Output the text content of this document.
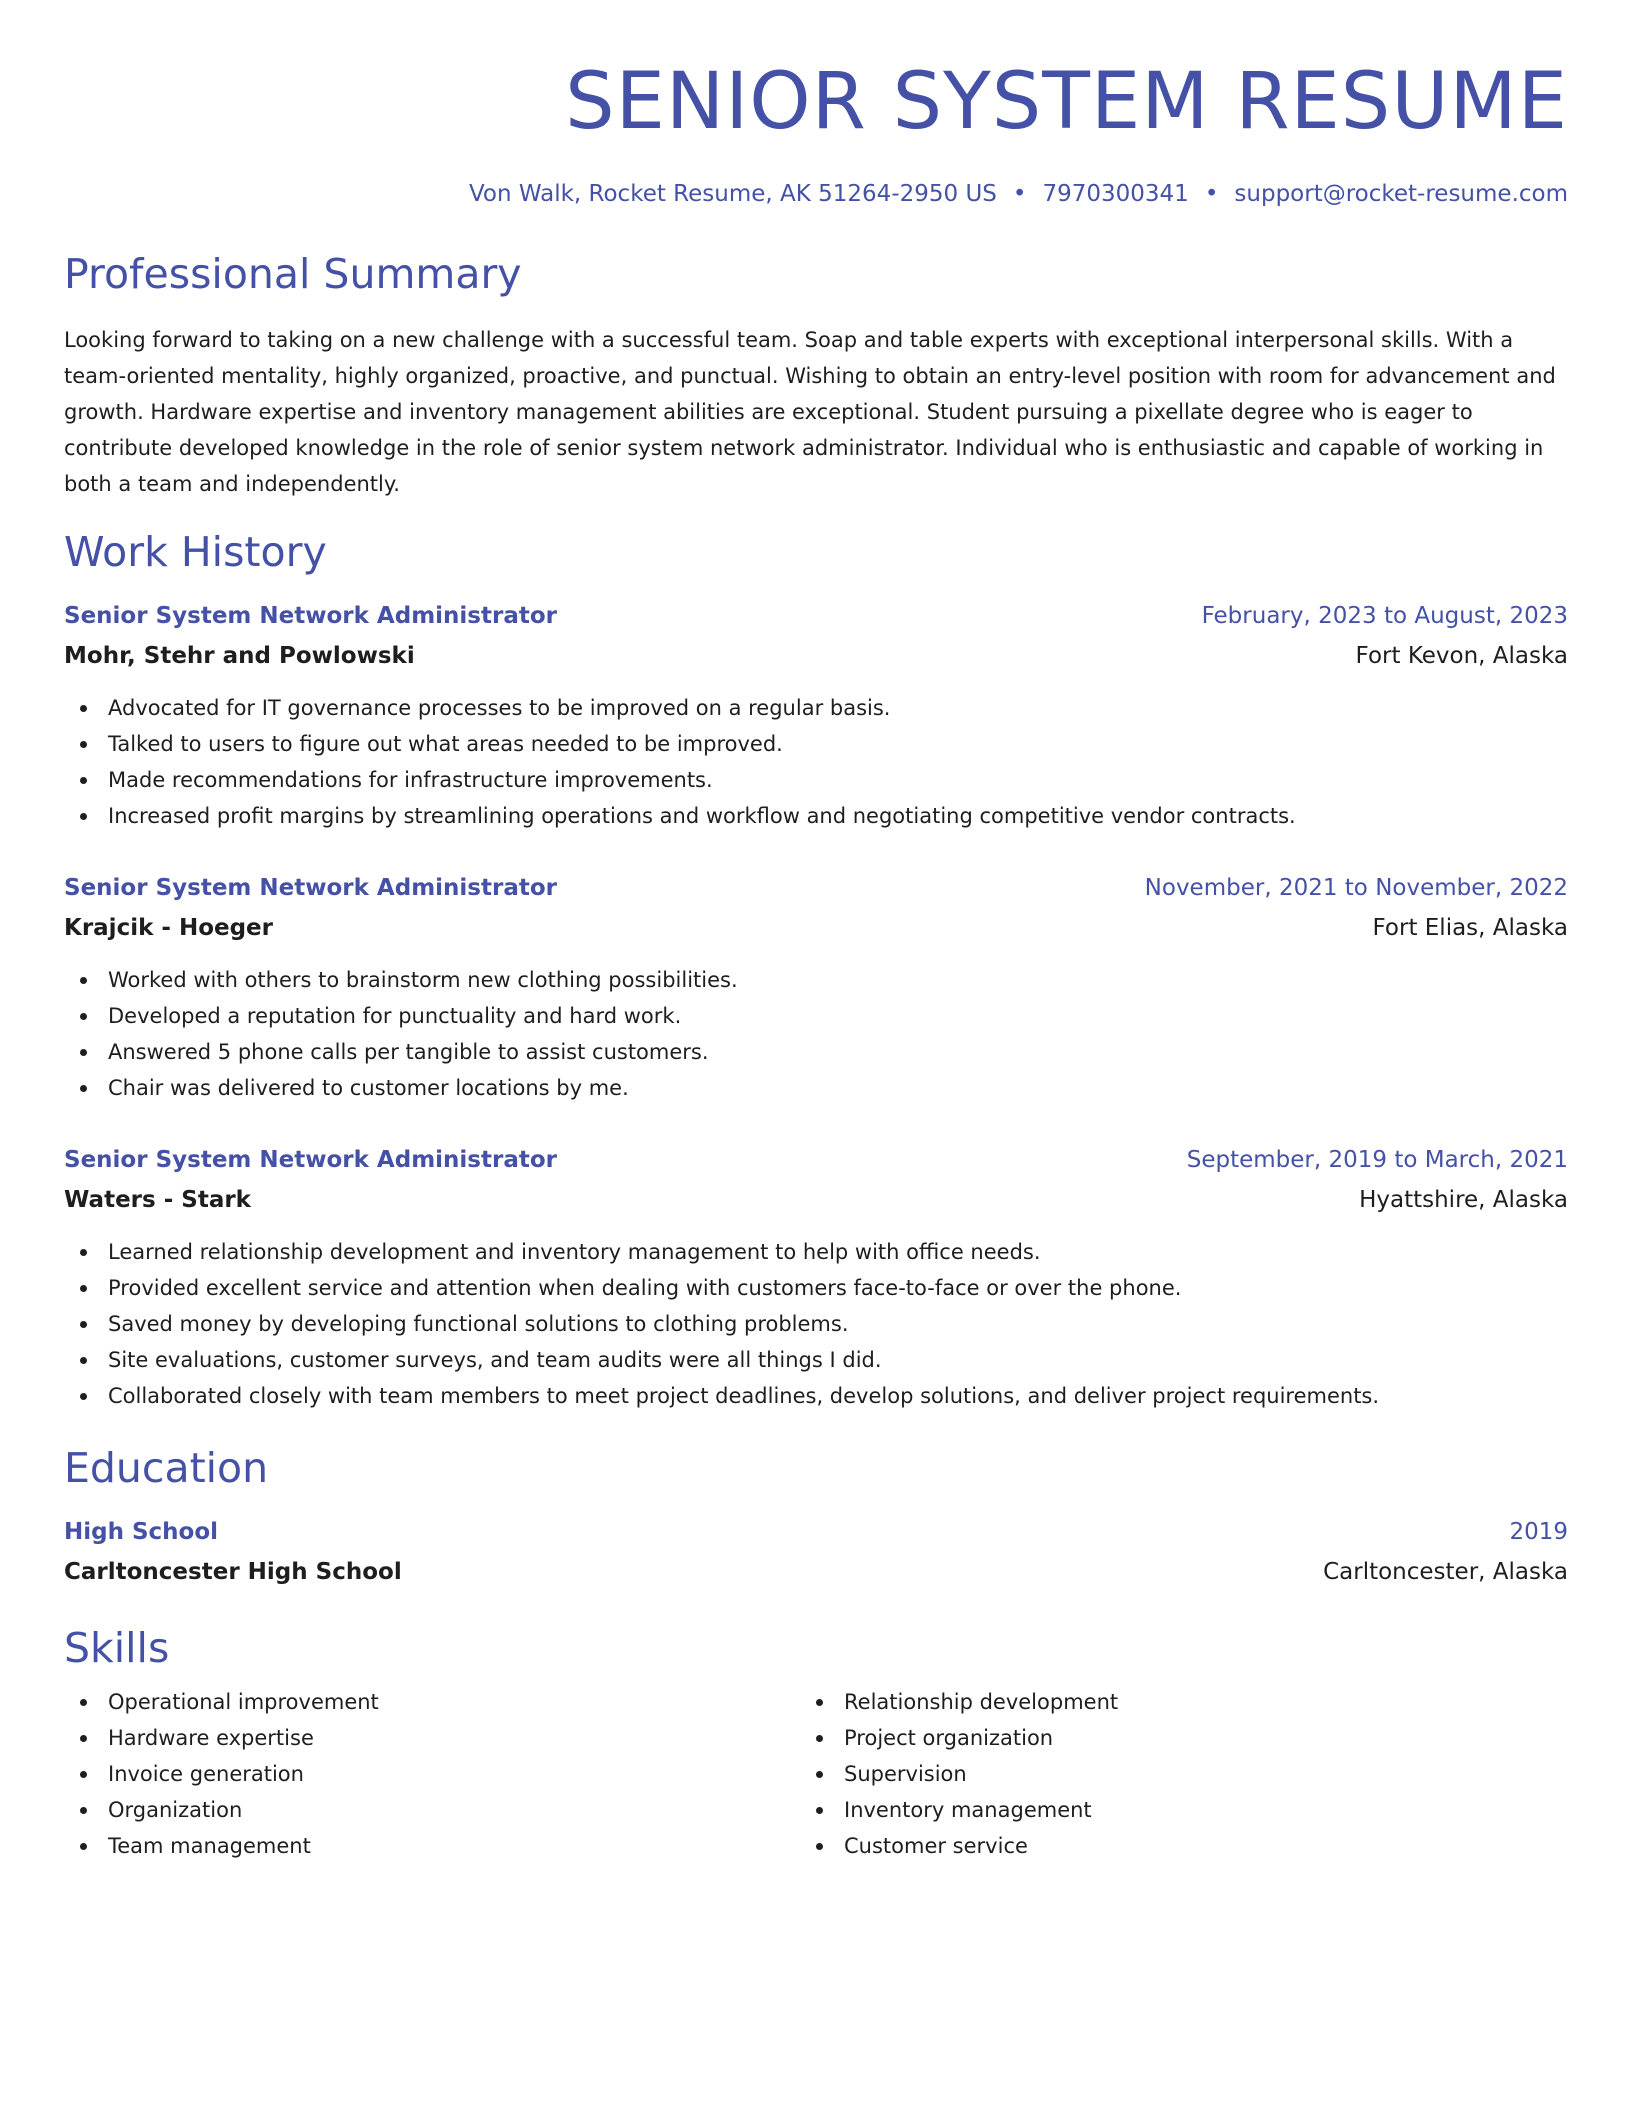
SENIOR SYSTEM RESUME
Von Walk, Rocket Resume, AK 51264-2950 US • 7970300341 • support@rocket-resume.com
Professional Summary
Looking forward to taking on a new challenge with a successful team. Soap and table experts with exceptional interpersonal skills. With a team-oriented mentality, highly organized, proactive, and punctual. Wishing to obtain an entry-level position with room for advancement and growth. Hardware expertise and inventory management abilities are exceptional. Student pursuing a pixellate degree who is eager to contribute developed knowledge in the role of senior system network administrator. Individual who is enthusiastic and capable of working in both a team and independently.
Work History
Senior System Network Administrator	February, 2023 to August, 2023
Mohr, Stehr and Powlowski	Fort Kevon, Alaska
Advocated for IT governance processes to be improved on a regular basis.
Talked to users to figure out what areas needed to be improved.
Made recommendations for infrastructure improvements.
Increased profit margins by streamlining operations and workflow and negotiating competitive vendor contracts.
Senior System Network Administrator	November, 2021 to November, 2022
Krajcik - Hoeger	Fort Elias, Alaska
Worked with others to brainstorm new clothing possibilities.
Developed a reputation for punctuality and hard work.
Answered 5 phone calls per tangible to assist customers.
Chair was delivered to customer locations by me.
Senior System Network Administrator	September, 2019 to March, 2021
Waters - Stark	Hyattshire, Alaska
Learned relationship development and inventory management to help with office needs.
Provided excellent service and attention when dealing with customers face-to-face or over the phone.
Saved money by developing functional solutions to clothing problems.
Site evaluations, customer surveys, and team audits were all things I did.
Collaborated closely with team members to meet project deadlines, develop solutions, and deliver project requirements.
Education
High School	2019
Carltoncester High School	Carltoncester, Alaska
Skills
Operational improvement
Hardware expertise
Invoice generation
Organization
Team management
Relationship development
Project organization
Supervision
Inventory management
Customer service
